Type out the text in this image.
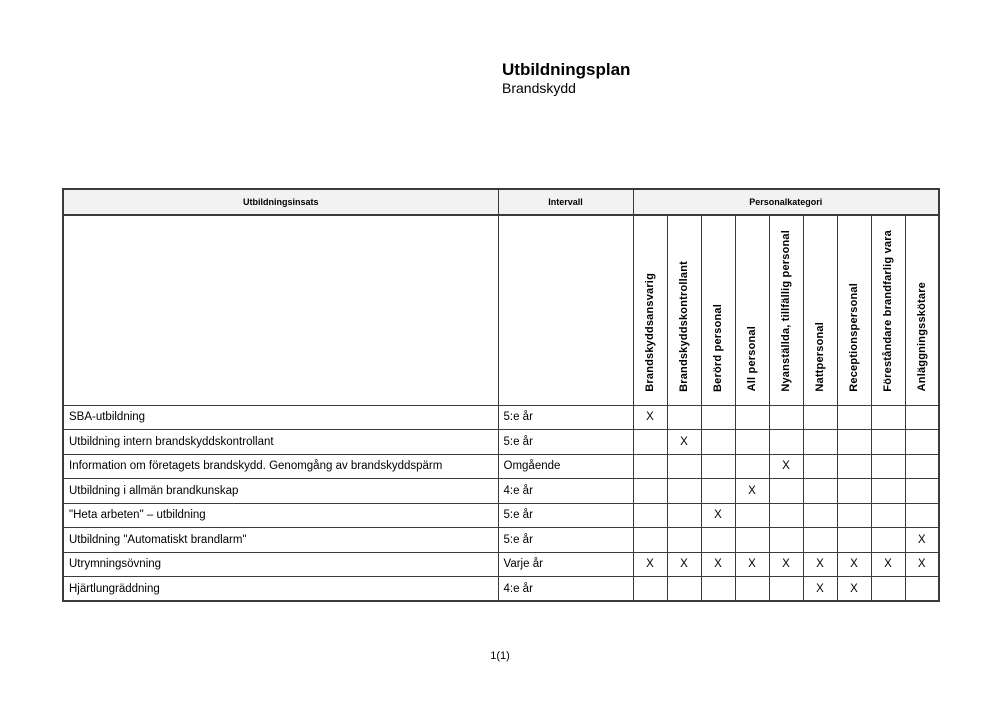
Utbildningsplan
Brandskydd
Utbildningsinsats	Intervall	Personalkategori								
		Brandskyddsansvarig	Brandskyddskontrollant	Berörd personal	All personal	Nyanställda, tillfällig personal	Nattpersonal	Receptionspersonal	Föreståndare brandfarlig vara	Anläggningsskötare
SBA-utbildning	5:e år	X								
Utbildning intern brandskyddskontrollant	5:e år		X							
Information om företagets brandskydd. Genomgång av brandskyddspärm	Omgående					X				
Utbildning i allmän brandkunskap	4:e år				X					
"Heta arbeten" – utbildning	5:e år			X						
Utbildning "Automatiskt brandlarm"	5:e år									X
Utrymningsövning	Varje år	X	X	X	X	X	X	X	X	X
Hjärtlungräddning	4:e år						X	X		
1(1)
